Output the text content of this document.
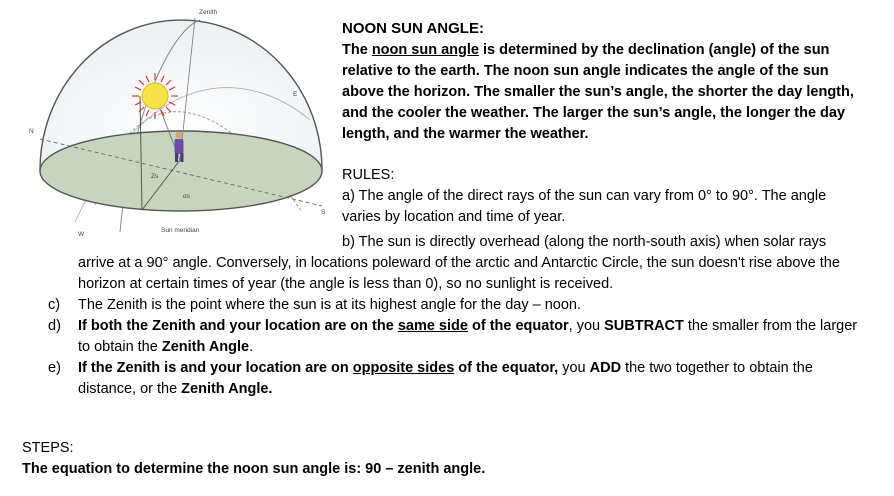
Zenith
N
E
S
W
Sun meridian
Zs
αs
NOON SUN ANGLE:
The noon sun angle is determined by the declination (angle) of the sun relative to the earth. The noon sun angle indicates the angle of the sun above the horizon. The smaller the sun’s angle, the shorter the day length, and the cooler the weather. The larger the sun’s angle, the longer the day length, and the warmer the weather.
RULES:
a) The angle of the direct rays of the sun can vary from 0° to 90°. The angle varies by location and time of year.
b) The sun is directly overhead (along the north-south axis) when solar rays
arrive at a 90° angle. Conversely, in locations poleward of the arctic and Antarctic Circle, the sun doesn't rise above the horizon at certain times of year (the angle is less than 0), so no sunlight is received.
c)	The Zenith is the point where the sun is at its highest angle for the day – noon.
d)	If both the Zenith and your location are on the same side of the equator, you SUBTRACT the smaller from the larger to obtain the Zenith Angle.
e)	If the Zenith is and your location are on opposite sides of the equator, you ADD the two together to obtain the distance, or the Zenith Angle.
STEPS:
The equation to determine the noon sun angle is: 90 – zenith angle.
